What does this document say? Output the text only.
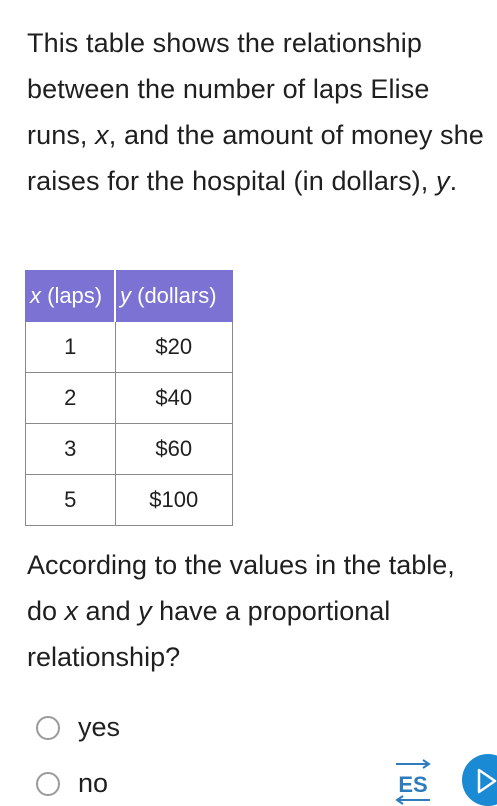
This table shows the relationship between the number of laps Elise runs, x, and the amount of money she raises for the hospital (in dollars), y.
x (laps)	y (dollars)
1	$20
2	$40
3	$60
5	$100
According to the values in the table, do x and y have a proportional relationship?
yes
no	ES
